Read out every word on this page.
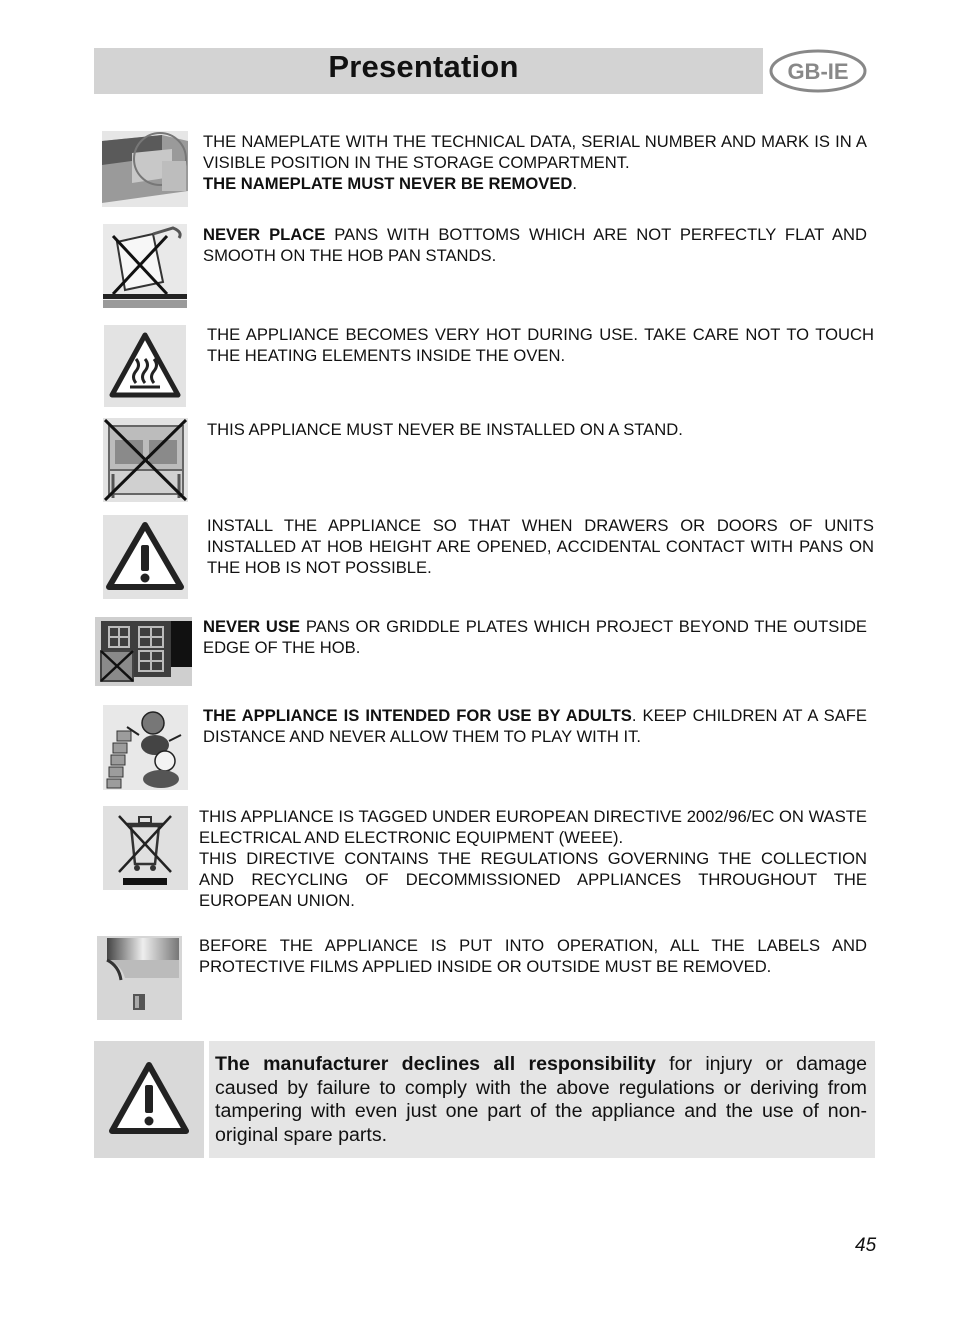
Presentation	GB-IE
THE NAMEPLATE WITH THE TECHNICAL DATA, SERIAL NUMBER AND MARK IS IN A VISIBLE POSITION IN THE STORAGE COMPARTMENT.
THE NAMEPLATE MUST NEVER BE REMOVED.
NEVER PLACE PANS WITH BOTTOMS WHICH ARE NOT PERFECTLY FLAT AND SMOOTH ON THE HOB PAN STANDS.
THE APPLIANCE BECOMES VERY HOT DURING USE. TAKE CARE NOT TO TOUCH THE HEATING ELEMENTS INSIDE THE OVEN.
THIS APPLIANCE MUST NEVER BE INSTALLED ON A STAND.
INSTALL THE APPLIANCE SO THAT WHEN DRAWERS OR DOORS OF UNITS INSTALLED AT HOB HEIGHT ARE OPENED, ACCIDENTAL CONTACT WITH PANS ON THE HOB IS NOT POSSIBLE.
NEVER USE PANS OR GRIDDLE PLATES WHICH PROJECT BEYOND THE OUTSIDE EDGE OF THE HOB.
THE APPLIANCE IS INTENDED FOR USE BY ADULTS. KEEP CHILDREN AT A SAFE DISTANCE AND NEVER ALLOW THEM TO PLAY WITH IT.
THIS APPLIANCE IS TAGGED UNDER EUROPEAN DIRECTIVE 2002/96/EC ON WASTE ELECTRICAL AND ELECTRONIC EQUIPMENT (WEEE).
THIS DIRECTIVE CONTAINS THE REGULATIONS GOVERNING THE COLLECTION AND RECYCLING OF DECOMMISSIONED APPLIANCES THROUGHOUT THE EUROPEAN UNION.
BEFORE THE APPLIANCE IS PUT INTO OPERATION, ALL THE LABELS AND PROTECTIVE FILMS APPLIED INSIDE OR OUTSIDE MUST BE REMOVED.
The manufacturer declines all responsibility for injury or damage caused by failure to comply with the above regulations or deriving from tampering with even just one part of the appliance and the use of non-original spare parts.
45
